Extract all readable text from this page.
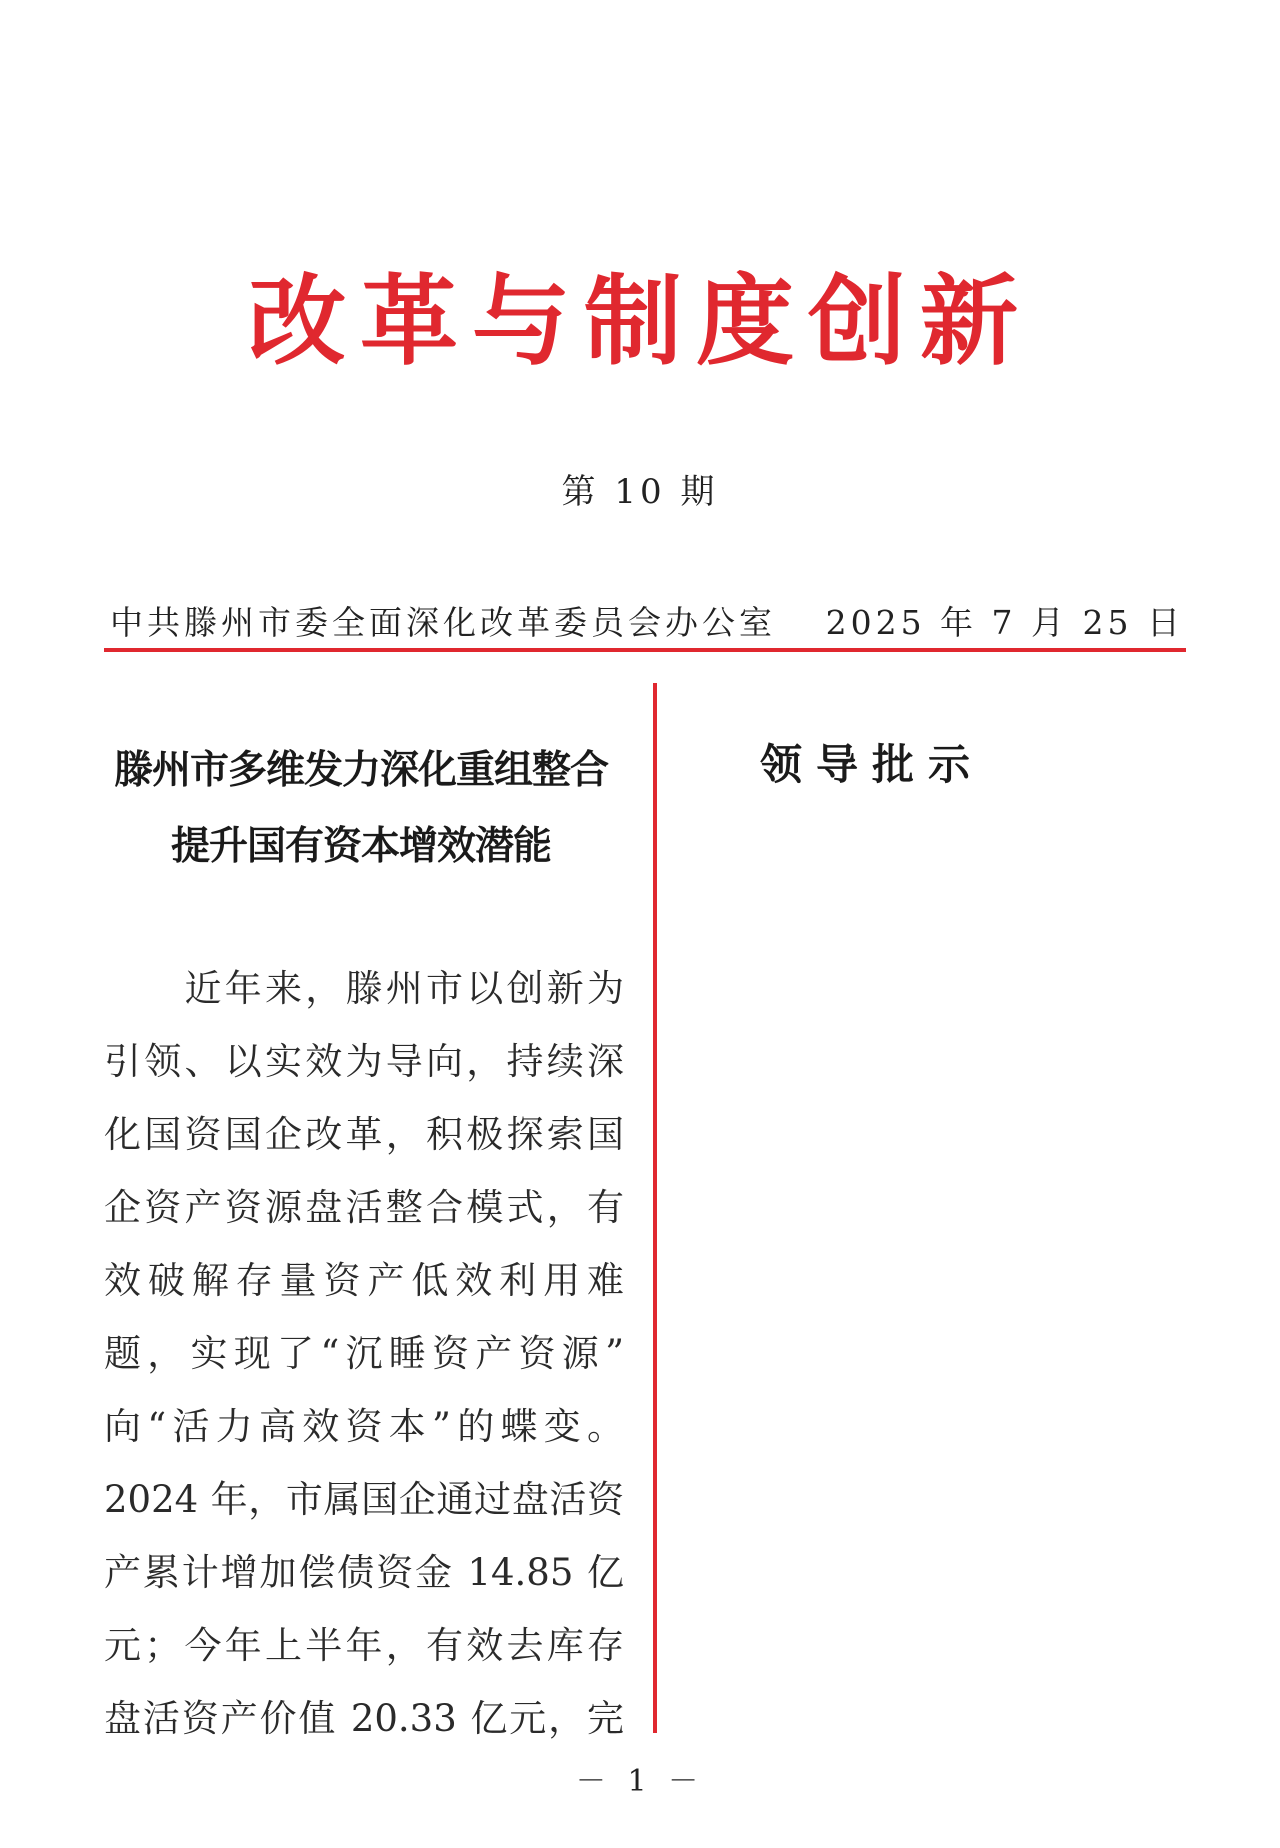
改革与制度创新
第 10 期
中共滕州市委全面深化改革委员会办公室 2025 年 7 月 25 日
滕州市多维发力深化重组整合
提升国有资本增效潜能
　　近年来，滕州市以创新为
引领、以实效为导向，持续深
化国资国企改革，积极探索国
企资产资源盘活整合模式，有
效破解存量资产低效利用难
题，实现了“沉睡资产资源”
向“活力高效资本”的蝶变。
2024 年，市属国企通过盘活资
产累计增加偿债资金 14.85 亿
元；今年上半年，有效去库存
盘活资产价值 20.33 亿元，完
领导批示
－ 1 －
